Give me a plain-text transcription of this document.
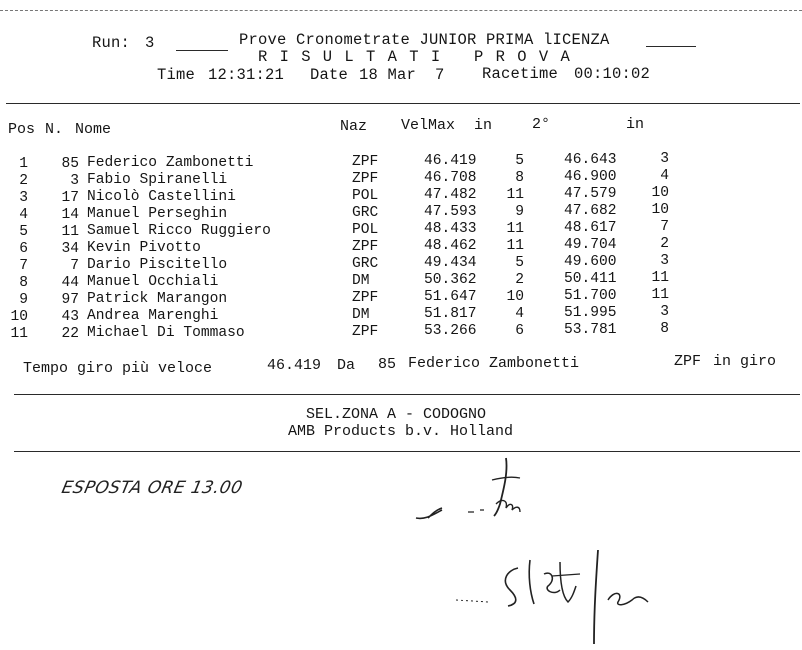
Run: 3	Prove Cronometrate JUNIOR PRIMA lICENZA
R I S U L T A T I   P R O V A
Time 12:31:21 Date 18 Mar  7 Racetime 00:10:02
Pos N. Nome	Naz VelMax in	2°	in
1	85 Federico Zambonetti	ZPF	46.419	5	46.643	3
2	3 Fabio Spiranelli	ZPF	46.708	8	46.900	4
3	17 Nicolò Castellini	POL	47.482	11	47.579	10
4	14 Manuel Perseghin	GRC	47.593	9	47.682	10
5	11 Samuel Ricco Ruggiero	POL	48.433	11	48.617	7
6	34 Kevin Pivotto	ZPF	48.462	11	49.704	2
7	7 Dario Piscitello	GRC	49.434	5	49.600	3
8	44 Manuel Occhiali	DM	50.362	2	50.411	11
9	97 Patrick Marangon	ZPF	51.647	10	51.700	11
10	43 Andrea Marenghi	DM	51.817	4	51.995	3
11	22 Michael Di Tommaso	ZPF	53.266	6	53.781	8
Tempo giro più veloce	46.419 Da 85 Federico Zambonetti	ZPF in giro
SEL.ZONA A - CODOGNO
AMB Products b.v. Holland
ESPOSTA ORE 13.00
